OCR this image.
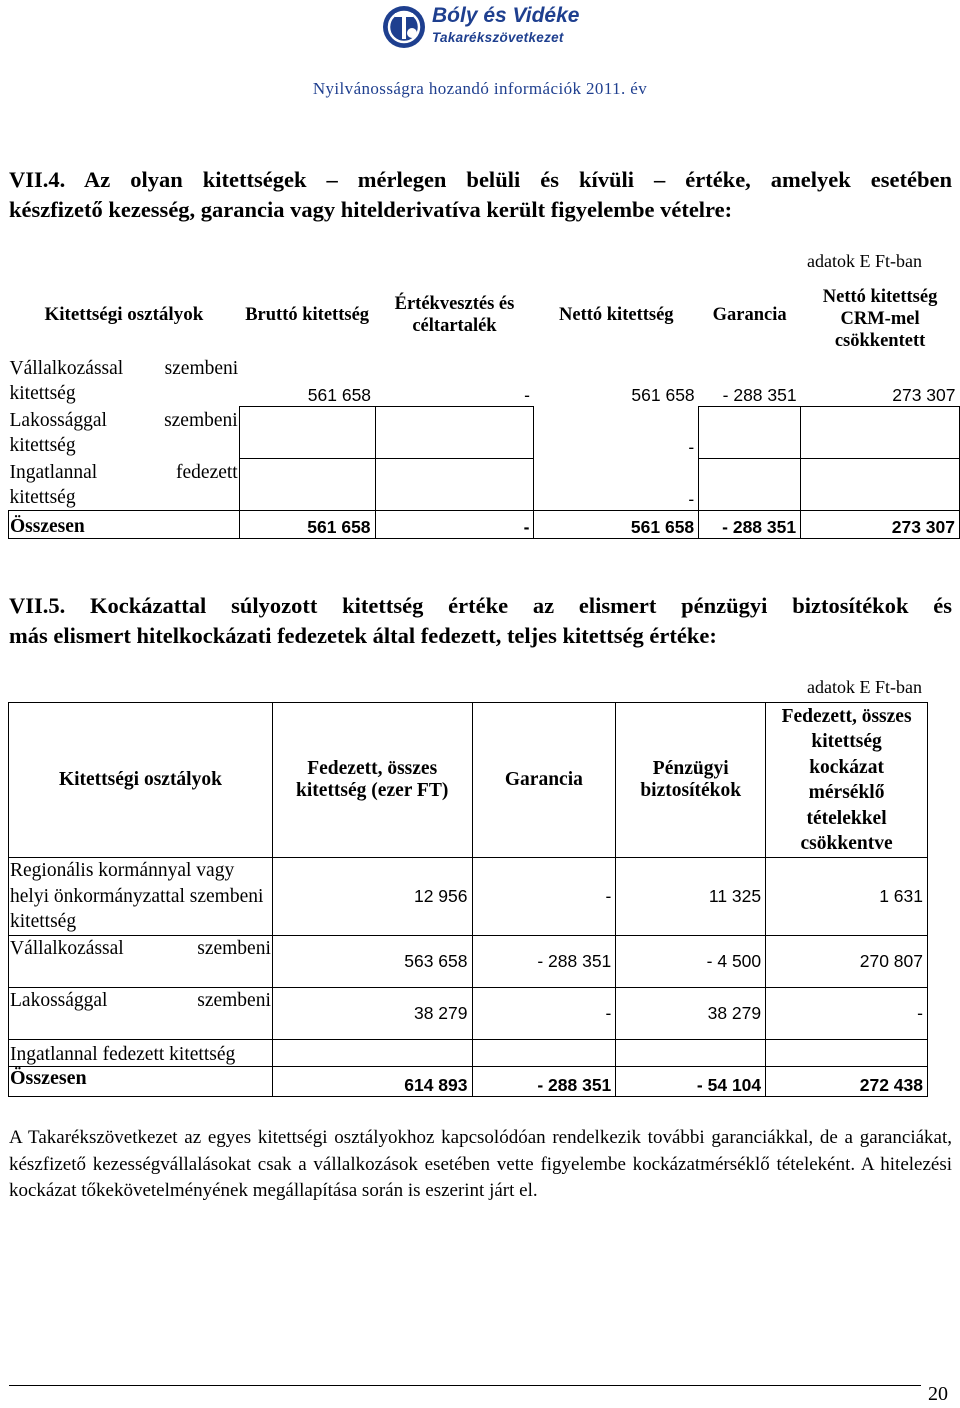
Bóly és Vidéke
Takarékszövetkezet
Nyilvánosságra hozandó információk 2011. év
VII.4. Az olyan kitettségek – mérlegen belüli és kívüli – értéke, amelyek esetében
készfizető kezesség, garancia vagy hitelderivatíva került figyelembe vételre:
adatok E Ft-ban
Kitettségi osztályok	Bruttó kitettség	Értékvesztés és céltartalék	Nettó kitettség	Garancia	Nettó kitettség CRM-mel csökkentett
Vállalkozással szembeni
kitettség	561 658	-	561 658	- 288 351	273 307
Lakossággal szembeni
kitettség			-		
Ingatlannal fedezett
kitettség			-		
Összesen	561 658	-	561 658	- 288 351	273 307
VII.5. Kockázattal súlyozott kitettség értéke az elismert pénzügyi biztosítékok és
más elismert hitelkockázati fedezetek által fedezett, teljes kitettség értéke:
adatok E Ft-ban
Kitettségi osztályok	Fedezett, összes kitettség (ezer FT)	Garancia	Pénzügyi biztosítékok	Fedezett, összes kitettség kockázat mérséklő tételekkel csökkentve
Regionális kormánnyal vagy helyi önkormányzattal szembeni kitettség	12 956	-	11 325	1 631

Vállalkozással szembeni	563 658	- 288 351	- 4 500	270 807

Lakossággal szembeni	38 279	-	38 279	-
Ingatlannal fedezett kitettség				
Összesen	614 893	- 288 351	- 54 104	272 438
A Takarékszövetkezet az egyes kitettségi osztályokhoz kapcsolódóan rendelkezik további garanciákkal, de a garanciákat, készfizető kezességvállalásokat csak a vállalkozások esetében vette figyelembe kockázatmérséklő tételeként. A hitelezési kockázat tőkekövetelményének megállapítása során is eszerint járt el.
20
